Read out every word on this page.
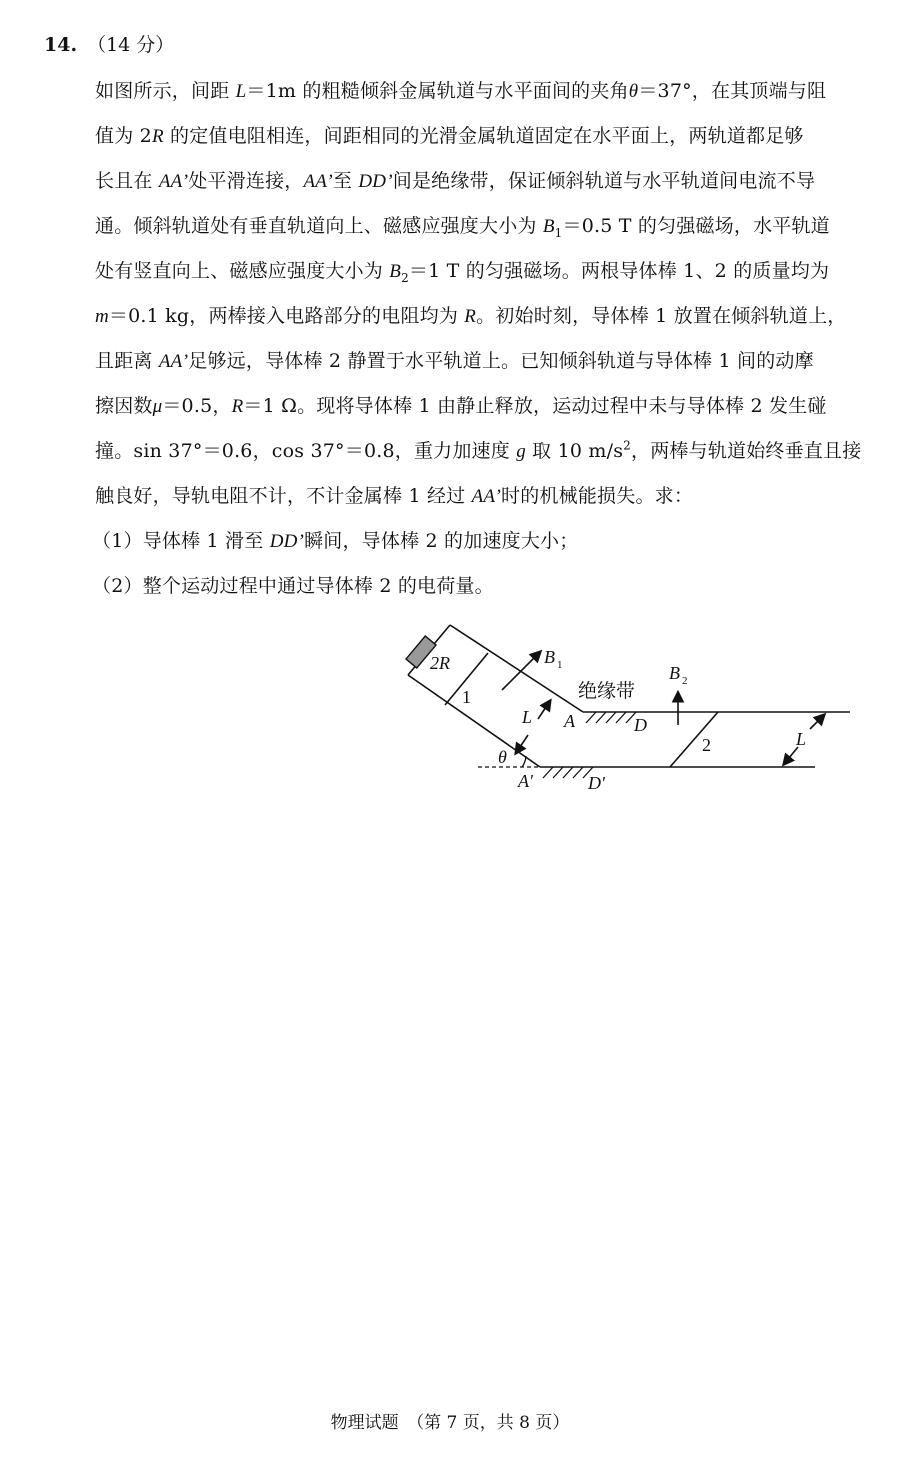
14. （14 分）
如图所示，间距 L＝1m 的粗糙倾斜金属轨道与水平面间的夹角θ＝37°，在其顶端与阻
值为 2R 的定值电阻相连，间距相同的光滑金属轨道固定在水平面上，两轨道都足够
长且在 AA’处平滑连接，AA’至 DD’间是绝缘带，保证倾斜轨道与水平轨道间电流不导
通。倾斜轨道处有垂直轨道向上、磁感应强度大小为 $B_1=0.5$ T 的匀强磁场，水平轨道
处有竖直向上、磁感应强度大小为 $B_2=1$ T 的匀强磁场。两根导体棒 1、2 的质量均为
m＝0.1 kg，两棒接入电路部分的电阻均为 R。初始时刻，导体棒 1 放置在倾斜轨道上，
且距离 AA’足够远，导体棒 2 静置于水平轨道上。已知倾斜轨道与导体棒 1 间的动摩
擦因数μ＝0.5，R＝1 Ω。现将导体棒 1 由静止释放，运动过程中未与导体棒 2 发生碰
撞。sin 37°＝0.6，cos 37°＝0.8，重力加速度 g 取 10 $m/s^2$，两棒与轨道始终垂直且接
触良好，导轨电阻不计，不计金属棒 1 经过 AA’时的机械能损失。求：
（1）导体棒 1 滑至 DD’瞬间，导体棒 2 的加速度大小；
（2）整个运动过程中通过导体棒 2 的电荷量。
2R
1
2
B 1	B 2
绝缘带
L
L
A	D
A'	D'
θ
物理试题　（第 7 页，共 8 页）
